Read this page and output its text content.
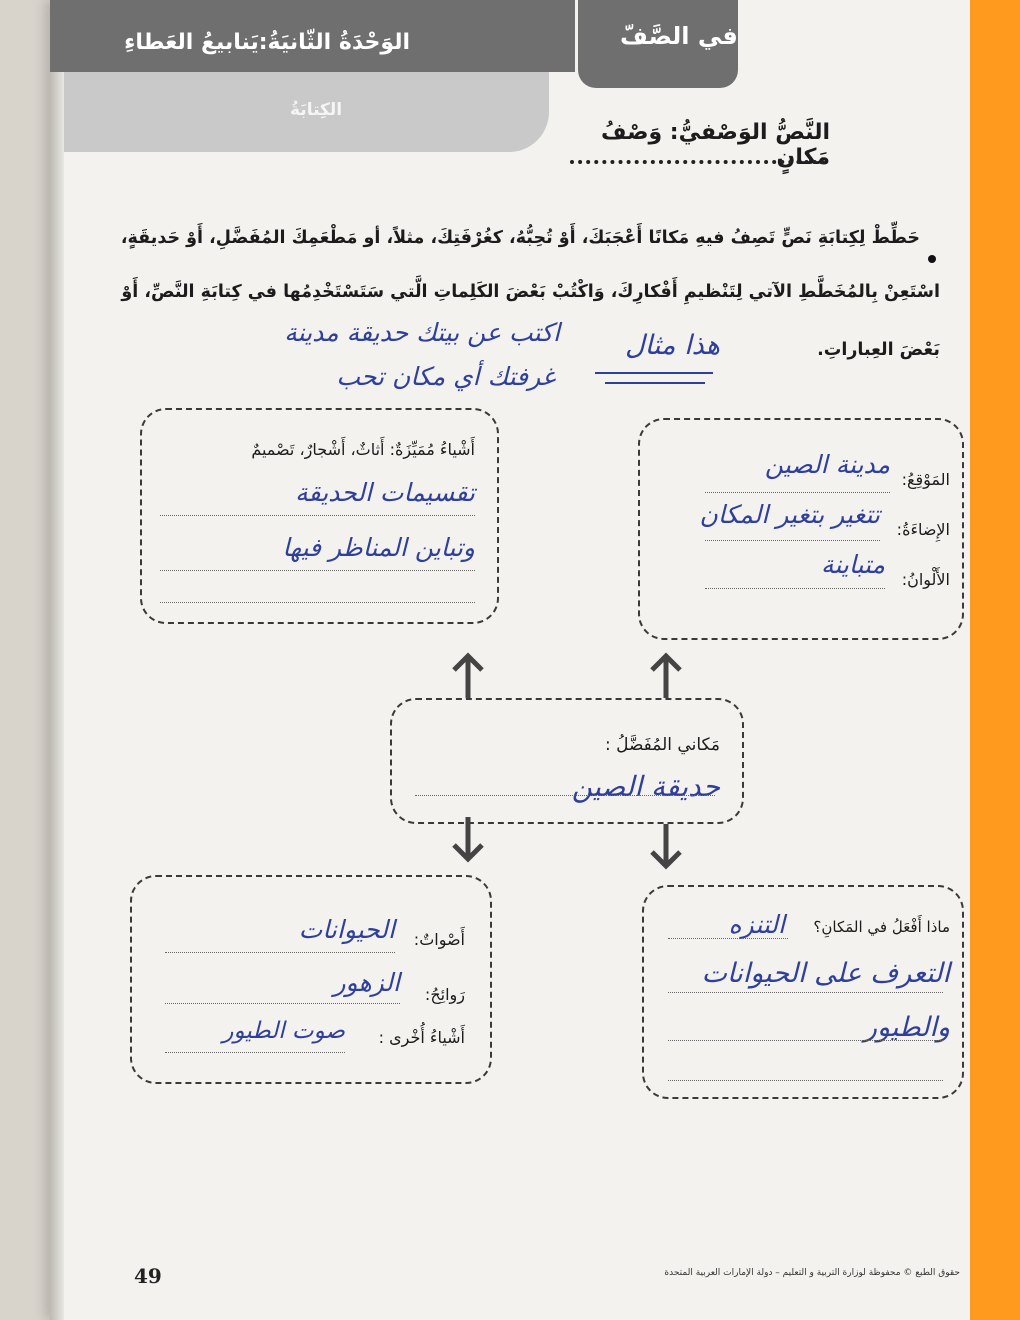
الوَحْدَةُ الثّانيَةُ:يَنابيعُ العَطاءِ
الكِتابَةُ
في الصَّفّ
النَّصُّ الوَصْفيُّ: وَصْفُ مَكانٍ
حَطِّطْ لِكِتابَةِ نَصٍّ تَصِفُ فيهِ مَكانًا أَعْجَبَكَ، أَوْ تُحِبُّهُ، كغُرْفَتِكَ، مثلاً، أو مَطْعَمِكَ المُفَضَّلِ، أَوْ حَديقَةٍ،
اسْتَعِنْ بِالمُخَطَّطِ الآتي لِتَنْظيمِ أَفْكارِكَ، وَاكْتُبْ بَعْضَ الكَلِماتِ الَّتي سَتَسْتَخْدِمُها في كِتابَةِ النَّصِّ، أَوْ
بَعْضَ العِباراتِ.
هذا مثال
اكتب عن بيتك حديقة مدينة
غرفتك أي مكان تحب
أَشْياءُ مُمَيِّزَةٌ: أَثاثٌ، أَشْجارٌ، تَصْميمٌ
تقسيمات الحديقة
وتباين المناظر فيها
المَوْقِعُ:
مدينة الصين
الإِضاءَةُ:
تتغير بتغير المكان
الأَلْوانُ:
متباينة
مَكاني المُفَضَّلُ :
حديقة الصين
أَصْواتٌ:
الحيوانات
رَوائِحُ:
الزهور
أَشْياءُ أُخْرى :
صوت الطيور
ماذا أَفْعَلُ في المَكانِ؟
التنزه
التعرف على الحيوانات
والطيور
49	حقوق الطبع © محفوظة لوزارة التربية و التعليم – دولة الإمارات العربية المتحدة
